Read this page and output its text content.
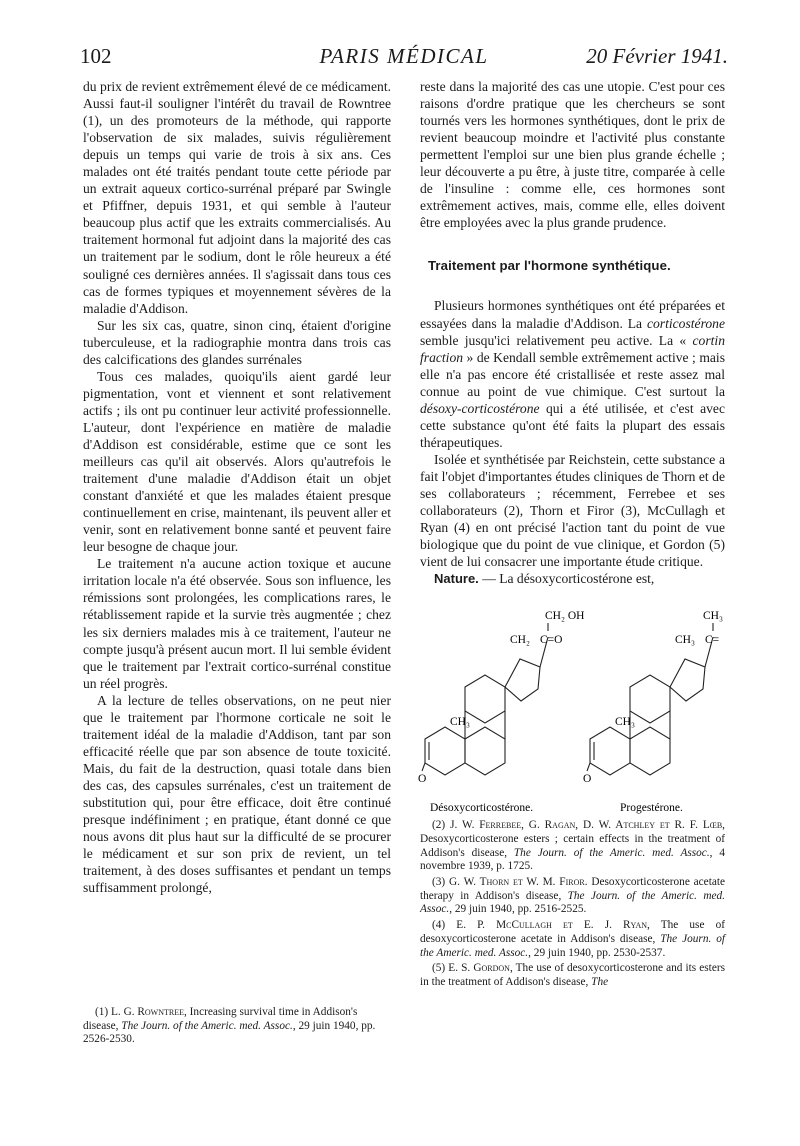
102	PARIS MÉDICAL	20 Février 1941.

du prix de revient extrêmement élevé de ce médicament. Aussi faut-il souligner l'intérêt du travail de Rowntree (1), un des promoteurs de la méthode, qui rapporte l'observation de six malades, suivis régulièrement depuis un temps qui varie de trois à six ans. Ces malades ont été traités pendant toute cette période par un extrait aqueux cortico-surrénal préparé par Swingle et Pfiffner, depuis 1931, et qui semble à l'auteur beaucoup plus actif que les extraits commercialisés. Au traitement hormonal fut adjoint dans la majorité des cas un traitement par le sodium, dont le rôle heureux a été souligné ces dernières années. Il s'agissait dans tous ces cas de formes typiques et moyennement sévères de la maladie d'Addison.

Sur les six cas, quatre, sinon cinq, étaient d'origine tuberculeuse, et la radiographie montra dans trois cas des calcifications des glandes surrénales

Tous ces malades, quoiqu'ils aient gardé leur pigmentation, vont et viennent et sont relativement actifs ; ils ont pu continuer leur activité professionnelle. L'auteur, dont l'expérience en matière de maladie d'Addison est considérable, estime que ce sont les meilleurs cas qu'il ait observés. Alors qu'autrefois le traitement d'une maladie d'Addison était un objet constant d'anxiété et que les malades étaient presque continuellement en crise, maintenant, ils peuvent aller et venir, sont en relativement bonne santé et peuvent faire leur besogne de chaque jour.

Le traitement n'a aucune action toxique et aucune irritation locale n'a été observée. Sous son influence, les rémissions sont prolongées, les complications rares, le rétablissement rapide et la survie très augmentée ; chez les six derniers malades mis à ce traitement, l'auteur ne compte jusqu'à présent aucun mort. Il lui semble évident que le traitement par l'extrait cortico-surrénal constitue un réel progrès.

A la lecture de telles observations, on ne peut nier que le traitement par l'hormone corticale ne soit le traitement idéal de la maladie d'Addison, tant par son efficacité réelle que par son absence de toute toxicité. Mais, du fait de la destruction, quasi totale dans bien des cas, des capsules surrénales, c'est un traitement de substitution qui, pour être efficace, doit être continué presque indéfiniment ; en pratique, étant donné ce que nous avons dit plus haut sur la difficulté de se procurer le médicament et sur son prix de revient, un tel traitement, à des doses suffisantes et pendant un temps suffisamment prolongé,

(1) L. G. Rowntree, Increasing survival time in Addison's disease, The Journ. of the Americ. med. Assoc., 29 juin 1940, pp. 2526-2530.

reste dans la majorité des cas une utopie. C'est pour ces raisons d'ordre pratique que les chercheurs se sont tournés vers les hormones synthétiques, dont le prix de revient beaucoup moindre et l'activité plus constante permettent l'emploi sur une bien plus grande échelle ; leur découverte a pu être, à juste titre, comparée à celle de l'insuline : comme elle, ces hormones sont extrêmement actives, mais, comme elle, elles doivent être employées avec la plus grande prudence.

Traitement par l'hormone synthétique.

Plusieurs hormones synthétiques ont été préparées et essayées dans la maladie d'Addison. La corticostérone semble jusqu'ici relativement peu active. La « cortin fraction » de Kendall semble extrêmement active ; mais elle n'a pas encore été cristallisée et reste assez mal connue au point de vue chimique. C'est surtout la désoxy-corticostérone qui a été utilisée, et c'est avec cette substance qu'ont été faits la plupart des essais thérapeutiques.

Isolée et synthétisée par Reichstein, cette substance a fait l'objet d'importantes études cliniques de Thorn et de ses collaborateurs ; récemment, Ferrebee et ses collaborateurs (2), Thorn et Firor (3), McCullagh et Ryan (4) en ont précisé l'action tant du point de vue biologique que du point de vue clinique, et Gordon (5) vient de lui consacrer une importante étude critique.

Nature. — La désoxycorticostérone est,

CH₂ OH
CH₂ C=O
CH₃
O
CH₃
CH₃ C=
CH₃
O
Désoxycorticostérone.	Progestérone.

(2) J. W. Ferrebee, G. Ragan, D. W. Atchley et R. F. Lœb, Desoxycorticosterone esters ; certain effects in the treatment of Addison's disease, The Journ. of the Americ. med. Assoc., 4 novembre 1939, p. 1725.

(3) G. W. Thorn et W. M. Firor. Desoxycorticosterone acetate therapy in Addison's disease, The Journ. of the Americ. med. Assoc., 29 juin 1940, pp. 2516-2525.

(4) E. P. McCullagh et E. J. Ryan, The use of desoxycorticosterone acetate in Addison's disease, The Journ. of the Americ. med. Assoc., 29 juin 1940, pp. 2530-2537.

(5) E. S. Gordon, The use of desoxycorticosterone and its esters in the treatment of Addison's disease, The
